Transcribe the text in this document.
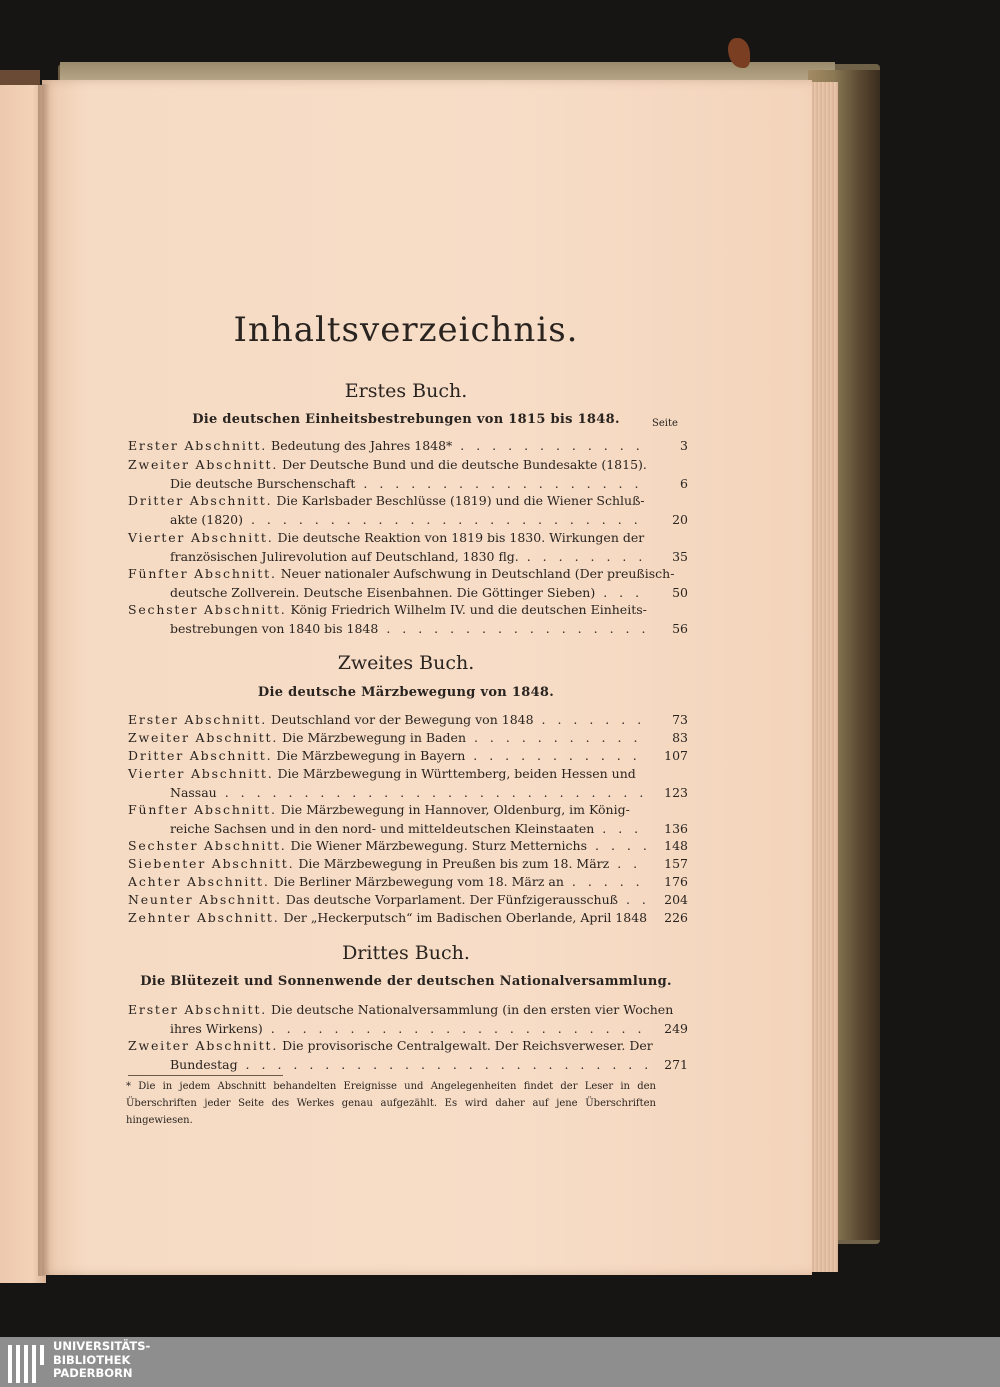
Inhaltsverzeichnis.
Erstes Buch.
Die deutschen Einheitsbestrebungen von 1815 bis 1848.	Seite
Erster Abschnitt. Bedeutung des Jahres 1848* . . .	3
Zweiter Abschnitt.
Der Deutsche Bund und die deutsche Bundesakte (1815).
Die deutsche Burschenschaft . . .	6
Dritter Abschnitt.
Die Karlsbader Beschlüsse (1819) und die Wiener Schluß-
akte (1820) . . .	20
Vierter Abschnitt.
Die deutsche Reaktion von 1819 bis 1830. Wirkungen der
französischen Julirevolution auf Deutschland, 1830 flg. . . .	35
Fünfter Abschnitt.
Neuer nationaler Aufschwung in Deutschland (Der preußisch-
deutsche Zollverein. Deutsche Eisenbahnen. Die Göttinger Sieben) . . .	50
Sechster Abschnitt.
König Friedrich Wilhelm IV. und die deutschen Einheits-
bestrebungen von 1840 bis 1848 . . .	56
Zweites Buch.
Die deutsche Märzbewegung von 1848.
Erster Abschnitt. Deutschland vor der Bewegung von 1848 . . .	73
Zweiter Abschnitt. Die Märzbewegung in Baden . . .	83
Dritter Abschnitt. Die Märzbewegung in Bayern . . .	107
Vierter Abschnitt.
Die Märzbewegung in Württemberg, beiden Hessen und
Nassau . . .	123
Fünfter Abschnitt.
Die Märzbewegung in Hannover, Oldenburg, im König-
reiche Sachsen und in den nord- und mitteldeutschen Kleinstaaten . . .	136
Sechster Abschnitt. Die Wiener Märzbewegung. Sturz Metternichs . . .	148
Siebenter Abschnitt. Die Märzbewegung in Preußen bis zum 18. März . . .	157
Achter Abschnitt. Die Berliner Märzbewegung vom 18. März an . . .	176
Neunter Abschnitt. Das deutsche Vorparlament. Der Fünfzigerausschuß . . .	204
Zehnter Abschnitt. Der „Heckerputsch“ im Badischen Oberlande, April 1848 . . .	226
Drittes Buch.
Die Blütezeit und Sonnenwende der deutschen Nationalversammlung.
Erster Abschnitt.
Die deutsche Nationalversammlung (in den ersten vier Wochen
ihres Wirkens) . . .	249
Zweiter Abschnitt.
Die provisorische Centralgewalt. Der Reichsverweser. Der
Bundestag . . .	271
* Die in jedem Abschnitt behandelten Ereignisse und Angelegenheiten findet der Leser in den Überschriften jeder Seite des Werkes genau aufgezählt. Es wird daher auf jene Überschriften hingewiesen.
UNIVERSITÄTS-
BIBLIOTHEK
PADERBORN
